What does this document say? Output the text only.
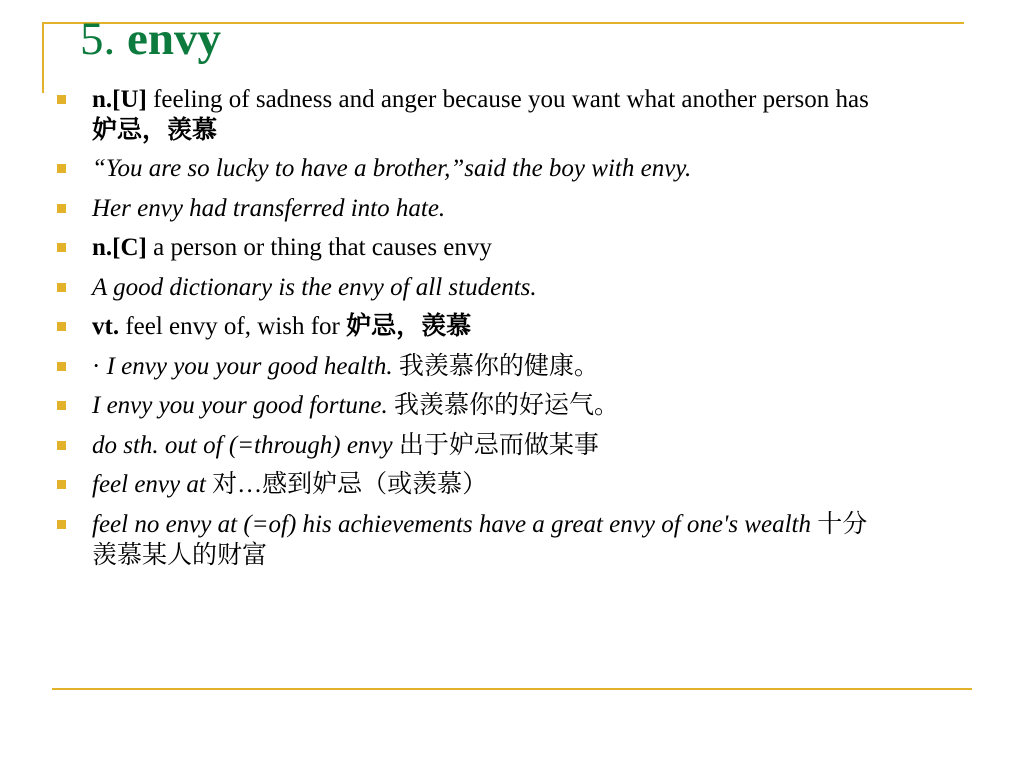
5. envy
n.[U] feeling of sadness and anger because you want what another person has妒忌，羡慕
“You are so lucky to have a brother,”said the boy with envy.
Her envy had transferred into hate.
n.[C] a person or thing that causes envy
A good dictionary is the envy of all students.
vt. feel envy of, wish for 妒忌，羡慕
· I envy you your good health. 我羡慕你的健康。
I envy you your good fortune. 我羡慕你的好运气。
do sth. out of (=through) envy 出于妒忌而做某事
feel envy at 对…感到妒忌（或羡慕）
feel no envy at (=of) his achievements have a great envy of one's wealth 十分羡慕某人的财富
